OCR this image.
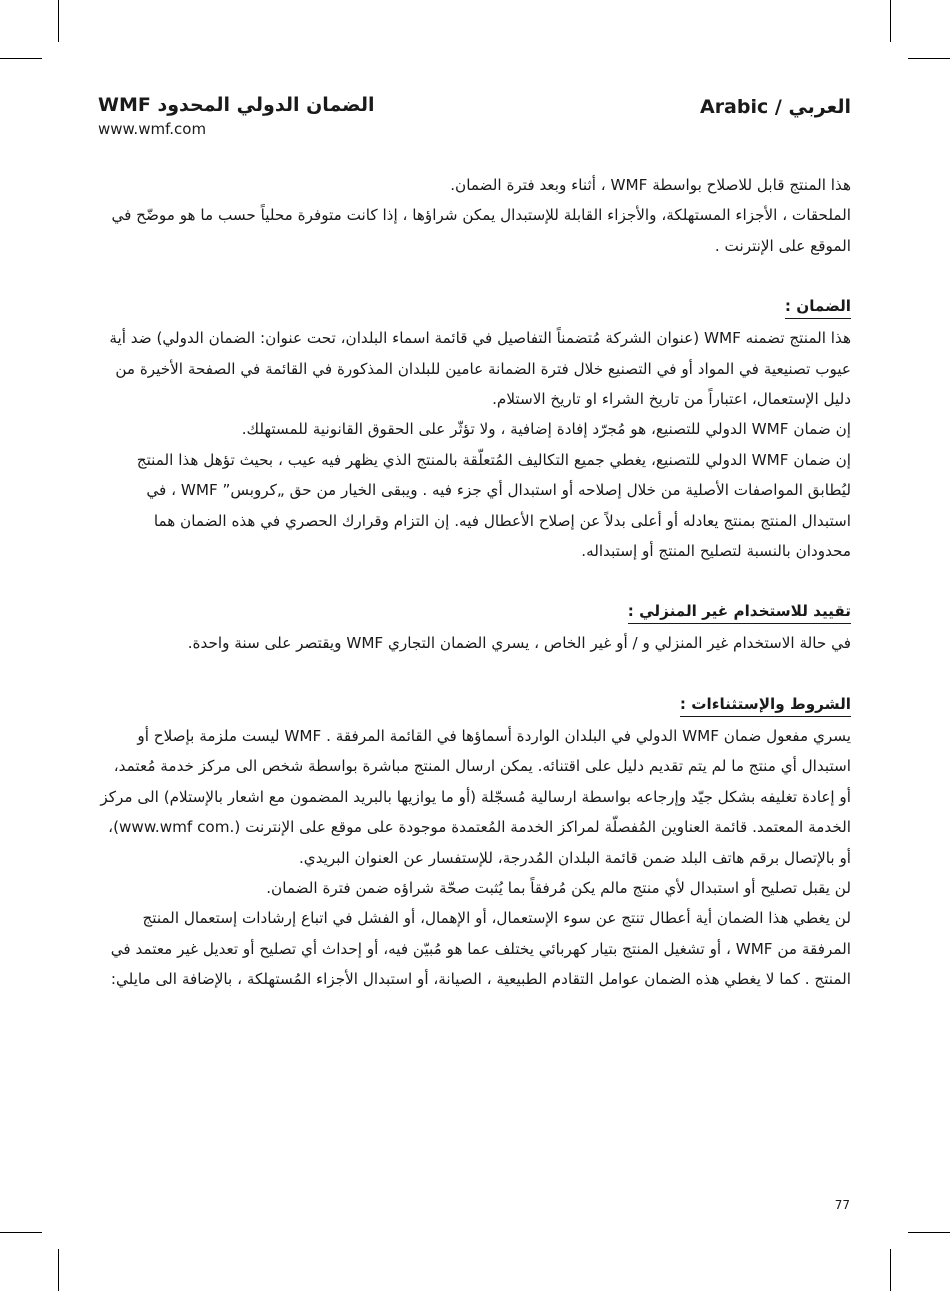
الضمان الدولي المحدود WMF
www.wmf.com
Arabic / العربي

هذا المنتج قابل للاصلاح بواسطة WMF ، أثناء وبعد فترة الضمان.

الملحقات ، الأجزاء المستهلكة، والأجزاء القابلة للإستبدال يمكن شراؤها ، إذا كانت متوفرة محلياً حسب ما هو موضّح في الموقع على الإنترنت .

الضمان :

هذا المنتج تضمنه WMF (عنوان الشركة مُتضمناً التفاصيل في قائمة اسماء البلدان، تحت عنوان: الضمان الدولي) ضد أية عيوب تصنيعية في المواد أو في التصنيع خلال فترة الضمانة عامين للبلدان المذكورة في القائمة في الصفحة الأخيرة من دليل الإستعمال، اعتباراً من تاريخ الشراء او تاريخ الاستلام.

إن ضمان WMF الدولي للتصنيع، هو مُجرّد إفادة إضافية ، ولا تؤثّر على الحقوق القانونية للمستهلك.

إن ضمان WMF الدولي للتصنيع، يغطي جميع التكاليف المُتعلّقة بالمنتج الذي يظهر فيه عيب ، بحيث تؤهل هذا المنتج ليُطابق المواصفات الأصلية من خلال إصلاحه أو استبدال أي جزء فيه . ويبقى الخيار من حق „كروبس” WMF ، في استبدال المنتج بمنتج يعادله أو أعلى بدلاً عن إصلاح الأعطال فيه. إن التزام وقرارك الحصري في هذه الضمان هما محدودان بالنسبة لتصليح المنتج أو إستبداله.

تقييد للاستخدام غير المنزلي :

في حالة الاستخدام غير المنزلي و / أو غير الخاص ، يسري الضمان التجاري WMF ويقتصر على سنة واحدة.

الشروط والإستثناءات :

يسري مفعول ضمان WMF الدولي في البلدان الواردة أسماؤها في القائمة المرفقة . WMF ليست ملزمة بإصلاح أو استبدال أي منتج ما لم يتم تقديم دليل على اقتنائه. يمكن ارسال المنتج مباشرة بواسطة شخص الى مركز خدمة مُعتمد، أو إعادة تغليفه بشكل جيّد وإرجاعه بواسطة ارسالية مُسجّلة (أو ما يوازيها بالبريد المضمون مع اشعار بالإستلام) الى مركز الخدمة المعتمد. قائمة العناوين المُفصلّة لمراكز الخدمة المُعتمدة موجودة على موقع على الإنترنت (.www.wmf com)، أو بالإتصال برقم هاتف البلد ضمن قائمة البلدان المُدرجة، للإستفسار عن العنوان البريدي.

لن يقبل تصليح أو استبدال لأي منتج مالم يكن مُرفقاً بما يُثبت صحّة شراؤه ضمن فترة الضمان.

لن يغطي هذا الضمان أية أعطال تنتج عن سوء الإستعمال، أو الإهمال، أو الفشل في اتباع إرشادات إستعمال المنتج المرفقة من WMF ، أو تشغيل المنتج بتيار كهربائي يختلف عما هو مُبيّن فيه، أو إحداث أي تصليح أو تعديل غير معتمد في المنتج . كما لا يغطي هذه الضمان عوامل التقادم الطبيعية ، الصيانة، أو استبدال الأجزاء المُستهلكة ، بالإضافة الى مايلي:

77
